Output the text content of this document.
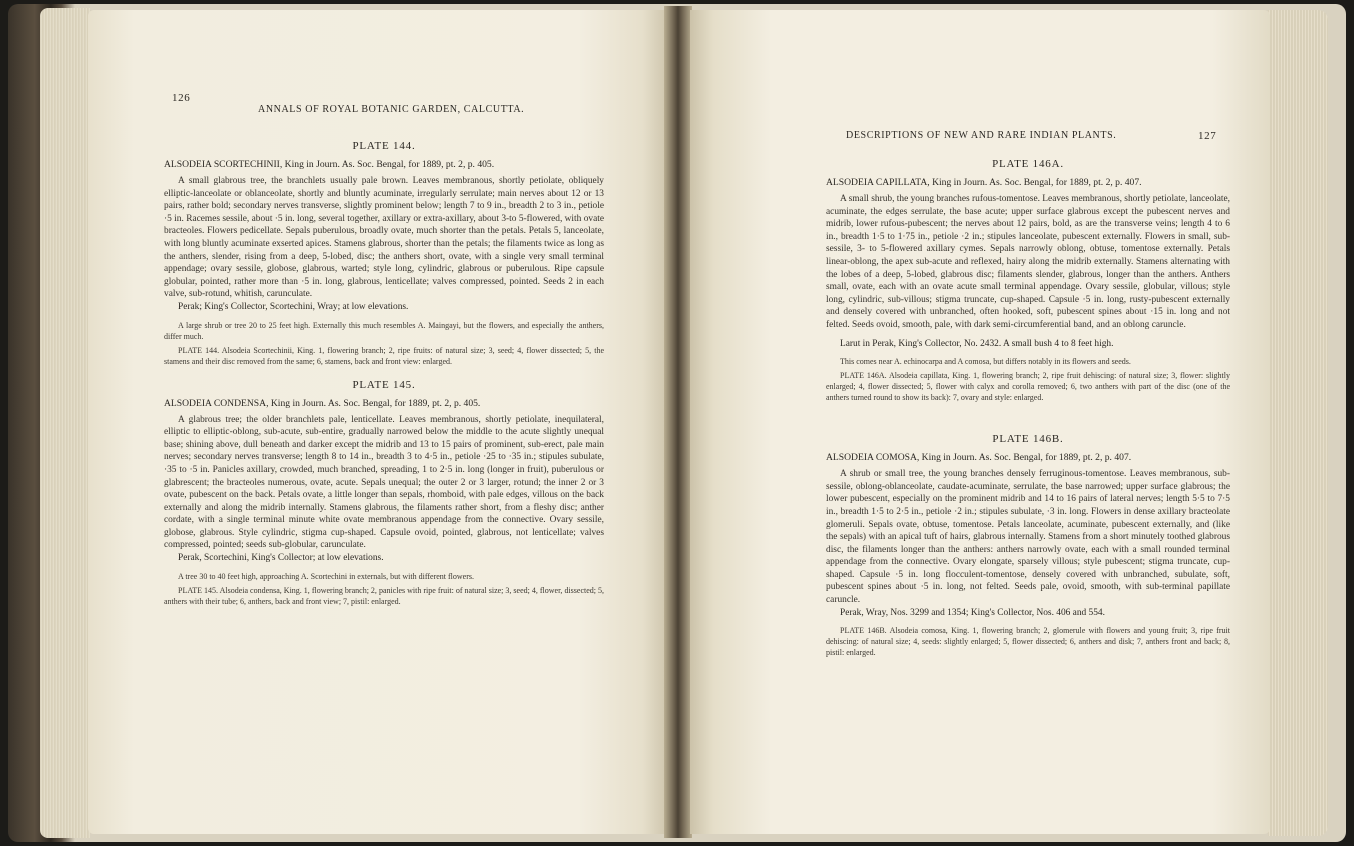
126
ANNALS OF ROYAL BOTANIC GARDEN, CALCUTTA.
PLATE 144.

ALSODEIA SCORTECHINII, King in Journ. As. Soc. Bengal, for 1889, pt. 2, p. 405.

A small glabrous tree, the branchlets usually pale brown. Leaves membranous, shortly petiolate, obliquely elliptic-lanceolate or oblanceolate, shortly and bluntly acuminate, irregularly serrulate; main nerves about 12 or 13 pairs, rather bold; secondary nerves transverse, slightly prominent below; length 7 to 9 in., breadth 2 to 3 in., petiole ·5 in. Racemes sessile, about ·5 in. long, several together, axillary or extra-axillary, about 3-to 5-flowered, with ovate bracteoles. Flowers pedicellate. Sepals puberulous, broadly ovate, much shorter than the petals. Petals 5, lanceolate, with long bluntly acuminate exserted apices. Stamens glabrous, shorter than the petals; the filaments twice as long as the anthers, slender, rising from a deep, 5-lobed, disc; the anthers short, ovate, with a single very small terminal appendage; ovary sessile, globose, glabrous, warted; style long, cylindric, glabrous or puberulous. Ripe capsule globular, pointed, rather more than ·5 in. long, glabrous, lenticellate; valves compressed, pointed. Seeds 2 in each valve, sub-rotund, whitish, carunculate.

Perak; King's Collector, Scortechini, Wray; at low elevations.

A large shrub or tree 20 to 25 feet high. Externally this much resembles A. Maingayi, but the flowers, and especially the anthers, differ much.

PLATE 144. Alsodeia Scortechinii, King. 1, flowering branch; 2, ripe fruits: of natural size; 3, seed; 4, flower dissected; 5, the stamens and their disc removed from the same; 6, stamens, back and front view: enlarged.

PLATE 145.

ALSODEIA CONDENSA, King in Journ. As. Soc. Bengal, for 1889, pt. 2, p. 405.

A glabrous tree; the older branchlets pale, lenticellate. Leaves membranous, shortly petiolate, inequilateral, elliptic to elliptic-oblong, sub-acute, sub-entire, gradually narrowed below the middle to the acute slightly unequal base; shining above, dull beneath and darker except the midrib and 13 to 15 pairs of prominent, sub-erect, pale main nerves; secondary nerves transverse; length 8 to 14 in., breadth 3 to 4·5 in., petiole ·25 to ·35 in.; stipules subulate, ·35 to ·5 in. Panicles axillary, crowded, much branched, spreading, 1 to 2·5 in. long (longer in fruit), puberulous or glabrescent; the bracteoles numerous, ovate, acute. Sepals unequal; the outer 2 or 3 larger, rotund; the inner 2 or 3 ovate, pubescent on the back. Petals ovate, a little longer than sepals, rhomboid, with pale edges, villous on the back externally and along the midrib internally. Stamens glabrous, the filaments rather short, from a fleshy disc; anther cordate, with a single terminal minute white ovate membranous appendage from the connective. Ovary sessile, globose, glabrous. Style cylindric, stigma cup-shaped. Capsule ovoid, pointed, glabrous, not lenticellate; valves compressed, pointed; seeds sub-globular, carunculate.

Perak, Scortechini, King's Collector; at low elevations.

A tree 30 to 40 feet high, approaching A. Scortechini in externals, but with different flowers.

PLATE 145. Alsodeia condensa, King. 1, flowering branch; 2, panicles with ripe fruit: of natural size; 3, seed; 4, flower, dissected; 5, anthers with their tube; 6, anthers, back and front view; 7, pistil: enlarged.

DESCRIPTIONS OF NEW AND RARE INDIAN PLANTS.	127
PLATE 146A.

ALSODEIA CAPILLATA, King in Journ. As. Soc. Bengal, for 1889, pt. 2, p. 407.

A small shrub, the young branches rufous-tomentose. Leaves membranous, shortly petiolate, lanceolate, acuminate, the edges serrulate, the base acute; upper surface glabrous except the pubescent nerves and midrib, lower rufous-pubescent; the nerves about 12 pairs, bold, as are the transverse veins; length 4 to 6 in., breadth 1·5 to 1·75 in., petiole ·2 in.; stipules lanceolate, pubescent externally. Flowers in small, sub-sessile, 3- to 5-flowered axillary cymes. Sepals narrowly oblong, obtuse, tomentose externally. Petals linear-oblong, the apex sub-acute and reflexed, hairy along the midrib externally. Stamens alternating with the lobes of a deep, 5-lobed, glabrous disc; filaments slender, glabrous, longer than the anthers. Anthers small, ovate, each with an ovate acute small terminal appendage. Ovary sessile, globular, villous; style long, cylindric, sub-villous; stigma truncate, cup-shaped. Capsule ·5 in. long, rusty-pubescent externally and densely covered with unbranched, often hooked, soft, pubescent spines about ·15 in. long and not felted. Seeds ovoid, smooth, pale, with dark semi-circumferential band, and an oblong caruncle.

Larut in Perak, King's Collector, No. 2432. A small bush 4 to 8 feet high.

This comes near A. echinocarpa and A comosa, but differs notably in its flowers and seeds.

PLATE 146A. Alsodeia capillata, King. 1, flowering branch; 2, ripe fruit dehiscing: of natural size; 3, flower: slightly enlarged; 4, flower dissected; 5, flower with calyx and corolla removed; 6, two anthers with part of the disc (one of the anthers turned round to show its back): 7, ovary and style: enlarged.

PLATE 146B.

ALSODEIA COMOSA, King in Journ. As. Soc. Bengal, for 1889, pt. 2, p. 407.

A shrub or small tree, the young branches densely ferruginous-tomentose. Leaves membranous, sub-sessile, oblong-oblanceolate, caudate-acuminate, serrulate, the base narrowed; upper surface glabrous; the lower pubescent, especially on the prominent midrib and 14 to 16 pairs of lateral nerves; length 5·5 to 7·5 in., breadth 1·5 to 2·5 in., petiole ·2 in.; stipules subulate, ·3 in. long. Flowers in dense axillary bracteolate glomeruli. Sepals ovate, obtuse, tomentose. Petals lanceolate, acuminate, pubescent externally, and (like the sepals) with an apical tuft of hairs, glabrous internally. Stamens from a short minutely toothed glabrous disc, the filaments longer than the anthers: anthers narrowly ovate, each with a small rounded terminal appendage from the connective. Ovary elongate, sparsely villous; style pubescent; stigma truncate, cup-shaped. Capsule ·5 in. long flocculent-tomentose, densely covered with unbranched, subulate, soft, pubescent spines about ·5 in. long, not felted. Seeds pale, ovoid, smooth, with sub-terminal papillate caruncle.

Perak, Wray, Nos. 3299 and 1354; King's Collector, Nos. 406 and 554.

PLATE 146B. Alsodeia comosa, King. 1, flowering branch; 2, glomerule with flowers and young fruit; 3, ripe fruit dehiscing: of natural size; 4, seeds: slightly enlarged; 5, flower dissected; 6, anthers and disk; 7, anthers front and back; 8, pistil: enlarged.
